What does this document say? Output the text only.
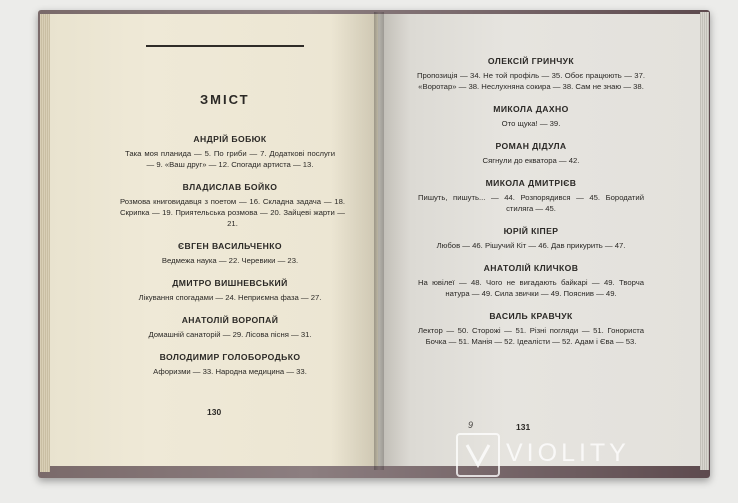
ЗМІСТ
АНДРІЙ БОБЮК
Така моя планида — 5. По гриби — 7. Додаткові послуги — 9. «Ваш друг» — 12. Спогади артиста — 13.
ВЛАДИСЛАВ БОЙКО
Розмова книговидавця з поетом — 16. Складна задача — 18. Скрипка — 19. Приятельська розмова — 20. Зайцеві жарти — 21.
ЄВГЕН ВАСИЛЬЧЕНКО
Ведмежа наука — 22. Черевики — 23.
ДМИТРО ВИШНЕВСЬКИЙ
Лікування спогадами — 24. Неприємна фаза — 27.
АНАТОЛІЙ ВОРОПАЙ
Домашній санаторій — 29. Лісова пісня — 31.
ВОЛОДИМИР ГОЛОБОРОДЬКО
Афоризми — 33. Народна медицина — 33.
130
ОЛЕКСІЙ ГРИНЧУК
Пропозиція — 34. Не той профіль — 35. Обоє працюють — 37. «Воротар» — 38. Неслухняна сокира — 38. Сам не знаю — 38.
МИКОЛА ДАХНО
Ото щука! — 39.
РОМАН ДІДУЛА
Сягнули до екватора — 42.
МИКОЛА ДМИТРІЄВ
Пишуть, пишуть... — 44. Розпорядився — 45. Бородатий стиляга — 45.
ЮРІЙ КІПЕР
Любов — 46. Рішучий Кіт — 46. Дав прикурить — 47.
АНАТОЛІЙ КЛИЧКОВ
На ювілеї — 48. Чого не вигадають байкарі — 49. Творча натура — 49. Сила звички — 49. Пояснив — 49.
ВАСИЛЬ КРАВЧУК
Лектор — 50. Сторожі — 51. Різні погляди — 51. Гонориста Бочка — 51. Манія — 52. Ідеалісти — 52. Адам і Єва — 53.
9	131
VIOLITY
